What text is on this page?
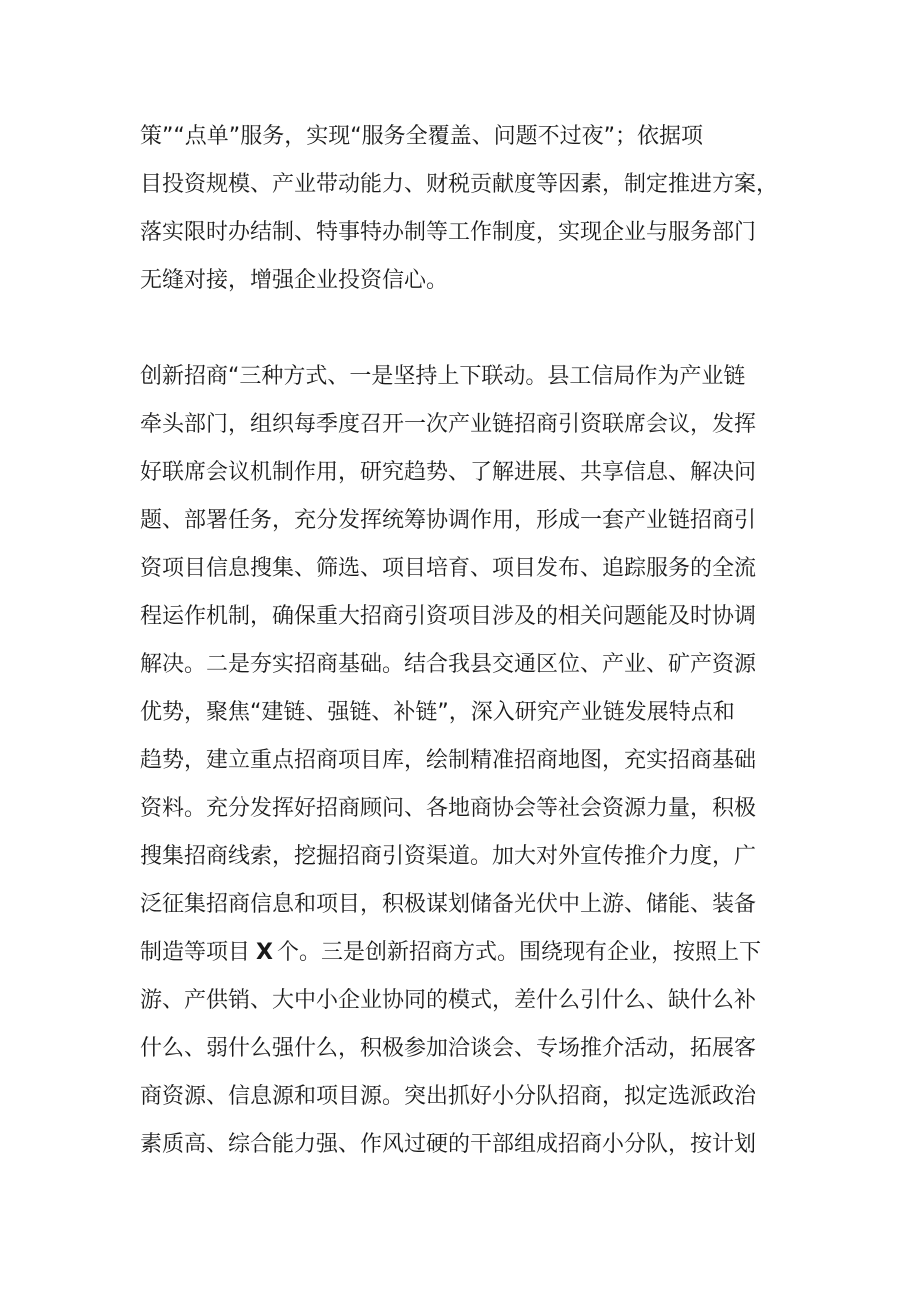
策”“点单”服务，实现“服务全覆盖、问题不过夜”；依据项
目投资规模、产业带动能力、财税贡献度等因素，制定推进方案，
落实限时办结制、特事特办制等工作制度，实现企业与服务部门
无缝对接，增强企业投资信心。
创新招商“三种方式、一是坚持上下联动。县工信局作为产业链
牵头部门，组织每季度召开一次产业链招商引资联席会议，发挥
好联席会议机制作用，研究趋势、了解进展、共享信息、解决问
题、部署任务，充分发挥统筹协调作用，形成一套产业链招商引
资项目信息搜集、筛选、项目培育、项目发布、追踪服务的全流
程运作机制，确保重大招商引资项目涉及的相关问题能及时协调
解决。二是夯实招商基础。结合我县交通区位、产业、矿产资源
优势，聚焦“建链、强链、补链”，深入研究产业链发展特点和
趋势，建立重点招商项目库，绘制精准招商地图，充实招商基础
资料。充分发挥好招商顾问、各地商协会等社会资源力量，积极
搜集招商线索，挖掘招商引资渠道。加大对外宣传推介力度，广
泛征集招商信息和项目，积极谋划储备光伏中上游、储能、装备
制造等项目 X 个。三是创新招商方式。围绕现有企业，按照上下
游、产供销、大中小企业协同的模式，差什么引什么、缺什么补
什么、弱什么强什么，积极参加洽谈会、专场推介活动，拓展客
商资源、信息源和项目源。突出抓好小分队招商，拟定选派政治
素质高、综合能力强、作风过硬的干部组成招商小分队，按计划
